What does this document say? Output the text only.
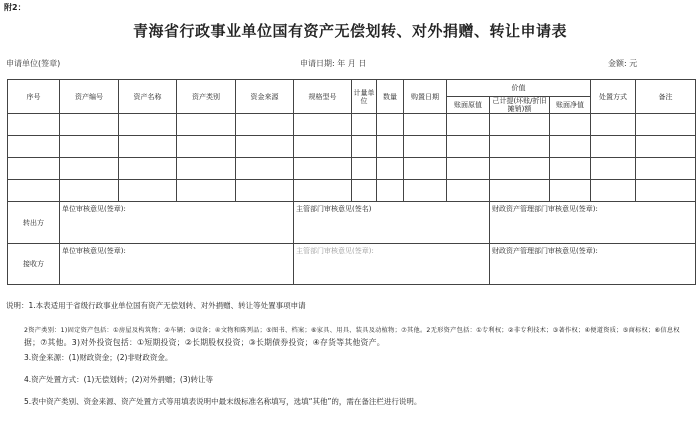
附2：
青海省行政事业单位国有资产无偿划转、对外捐赠、转让申请表
申请单位(签章)	申请日期: 年 月 日	金额: 元
序号	资产编号	资产名称	资产类别	资金来源	规格型号	计量单位	数量	购置日期	价值			处置方式	备注
									账面原值	己计提(坏账/折旧摊销)额	账面净值		

转出方	单位审核意见(签章):				主管部门审核意见(签名)					财政资产管理部门审核意见(签章):			
接收方	单位审核意见(签章):				主管部门审核意见(签章):					财政资产管理部门审核意见(签章):			
说明：1.本表适用于省级行政事业单位国有资产无偿划转、对外捐赠、转让等处置事项申请
2资产类别：1)固定资产包括：①房屋及构筑物；②车辆；③设备；④文物和陈列品；⑤图书、档案；⑥家具、用具、装具及动植物；⑦其他。2无形资产包括：①专利权；②非专利技术；③著作权；④便道资质；⑤商标权；⑥信息权
据；⑦其他。3)对外投资包括：①短期投资；②长期股权投资；③长期债券投资；④存货等其他资产。
3.资金来源：(1)财政资金；(2)非财政资金。
4.资产处置方式：(1)无偿划转；(2)对外捐赠；(3)转让等
5.表中资产类别、资金来源、资产处置方式等用填表说明中最末级标准名称填写，选填“其他”的，需在备注栏进行说明。
